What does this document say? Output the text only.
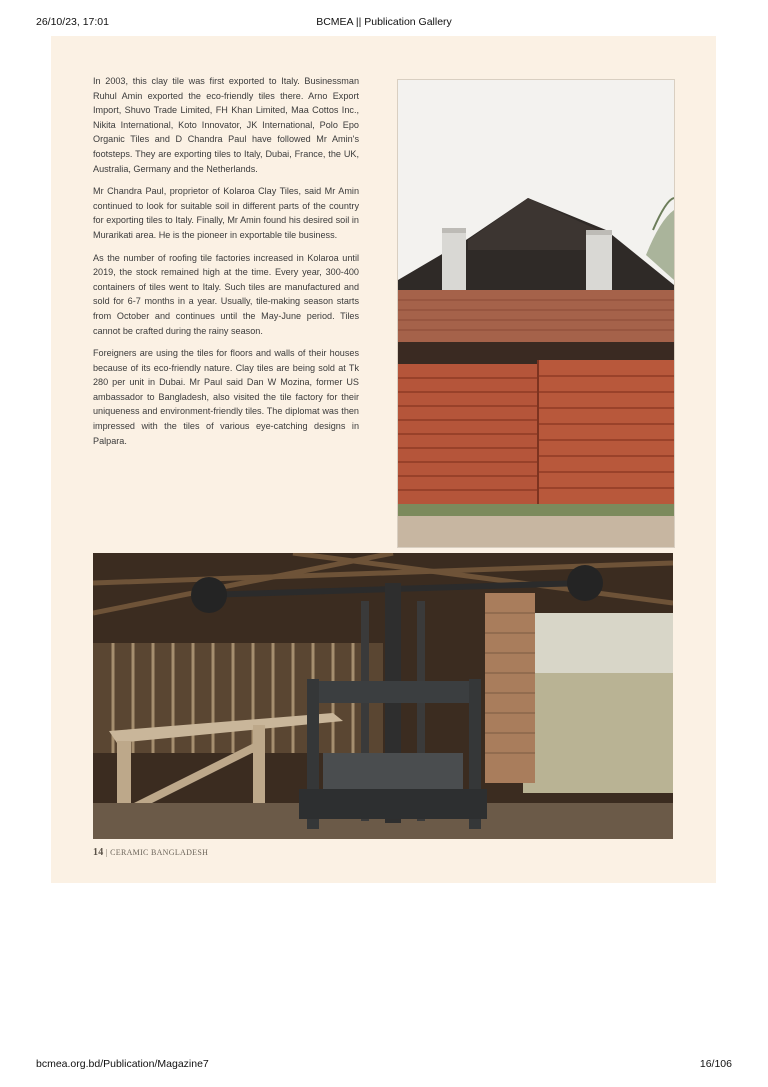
26/10/23, 17:01	BCMEA || Publication Gallery

In 2003, this clay tile was first exported to Italy. Businessman Ruhul Amin exported the eco-friendly tiles there. Arno Export Import, Shuvo Trade Limited, FH Khan Limited, Maa Cottos Inc., Nikita International, Koto Innovator, JK International, Polo Epo Organic Tiles and D Chandra Paul have followed Mr Amin's footsteps. They are exporting tiles to Italy, Dubai, France, the UK, Australia, Germany and the Netherlands.

Mr Chandra Paul, proprietor of Kolaroa Clay Tiles, said Mr Amin continued to look for suitable soil in different parts of the country for exporting tiles to Italy. Finally, Mr Amin found his desired soil in Murarikati area. He is the pioneer in exportable tile business.

As the number of roofing tile factories increased in Kolaroa until 2019, the stock remained high at the time. Every year, 300-400 containers of tiles went to Italy. Such tiles are manufactured and sold for 6-7 months in a year. Usually, tile-making season starts from October and continues until the May-June period. Tiles cannot be crafted during the rainy season.

Foreigners are using the tiles for floors and walls of their houses because of its eco-friendly nature. Clay tiles are being sold at Tk 280 per unit in Dubai. Mr Paul said Dan W Mozina, former US ambassador to Bangladesh, also visited the tile factory for their uniqueness and environment-friendly tiles. The diplomat was then impressed with the tiles of various eye-catching designs in Palpara.

14 | CERAMIC BANGLADESH
bcmea.org.bd/Publication/Magazine7	16/106
